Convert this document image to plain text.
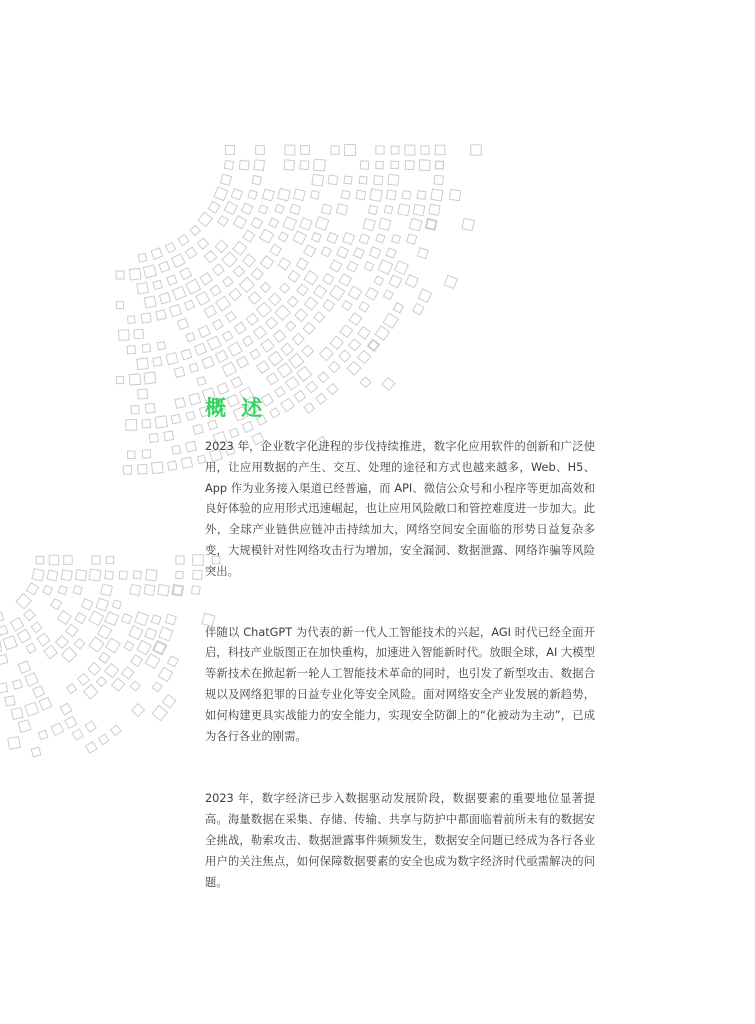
概 述

2023 年，企业数字化进程的步伐持续推进，数字化应用软件的创新和广泛使用，让应用数据的产生、交互、处理的途径和方式也越来越多，Web、H5、App 作为业务接入渠道已经普遍，而 API、微信公众号和小程序等更加高效和良好体验的应用形式迅速崛起，也让应用风险敞口和管控难度进一步加大。此外，全球产业链供应链冲击持续加大，网络空间安全面临的形势日益复杂多变，大规模针对性网络攻击行为增加，安全漏洞、数据泄露、网络诈骗等风险突出。

伴随以 ChatGPT 为代表的新一代人工智能技术的兴起，AGI 时代已经全面开启，科技产业版图正在加快重构，加速进入智能新时代。放眼全球，AI 大模型等新技术在掀起新一轮人工智能技术革命的同时，也引发了新型攻击、数据合规以及网络犯罪的日益专业化等安全风险。面对网络安全产业发展的新趋势，如何构建更具实战能力的安全能力，实现安全防御上的“化被动为主动”，已成为各行各业的刚需。

2023 年，数字经济已步入数据驱动发展阶段，数据要素的重要地位显著提高。海量数据在采集、存储、传输、共享与防护中都面临着前所未有的数据安全挑战，勒索攻击、数据泄露事件频频发生，数据安全问题已经成为各行各业用户的关注焦点，如何保障数据要素的安全也成为数字经济时代亟需解决的问题。
